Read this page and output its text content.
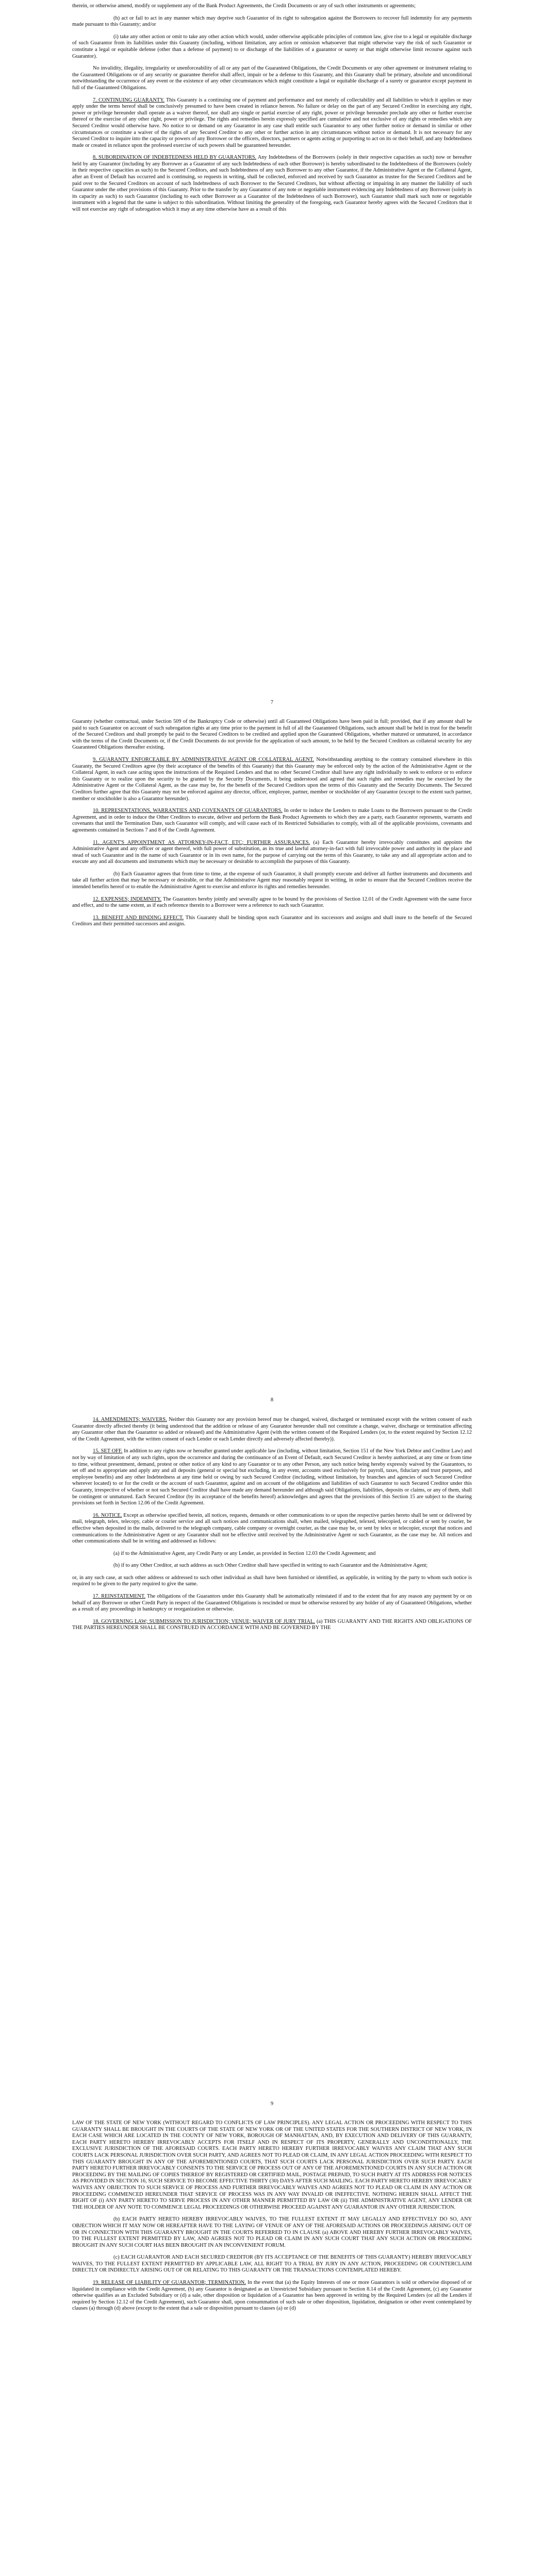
therein, or otherwise amend, modify or supplement any of the Bank Product Agreements, the Credit Documents or any of such other instruments or agreements;

(h) act or fail to act in any manner which may deprive such Guarantor of its right to subrogation against the Borrowers to recover full indemnity for any payments made pursuant to this Guaranty; and/or

(i) take any other action or omit to take any other action which would, under otherwise applicable principles of common law, give rise to a legal or equitable discharge of such Guarantor from its liabilities under this Guaranty (including, without limitation, any action or omission whatsoever that might otherwise vary the risk of such Guarantor or constitute a legal or equitable defense (other than a defense of payment) to or discharge of the liabilities of a guarantor or surety or that might otherwise limit recourse against such Guarantor).

No invalidity, illegality, irregularity or unenforceability of all or any part of the Guaranteed Obligations, the Credit Documents or any other agreement or instrument relating to the Guaranteed Obligations or of any security or guarantee therefor shall affect, impair or be a defense to this Guaranty, and this Guaranty shall be primary, absolute and unconditional notwithstanding the occurrence of any event or the existence of any other circumstances which might constitute a legal or equitable discharge of a surety or guarantor except payment in full of the Guaranteed Obligations.

7. CONTINUING GUARANTY. This Guaranty is a continuing one of payment and performance and not merely of collectability and all liabilities to which it applies or may apply under the terms hereof shall be conclusively presumed to have been created in reliance hereon. No failure or delay on the part of any Secured Creditor in exercising any right, power or privilege hereunder shall operate as a waiver thereof, nor shall any single or partial exercise of any right, power or privilege hereunder preclude any other or further exercise thereof or the exercise of any other right, power or privilege. The rights and remedies herein expressly specified are cumulative and not exclusive of any rights or remedies which any Secured Creditor would otherwise have. No notice to or demand on any Guarantor in any case shall entitle such Guarantor to any other further notice or demand in similar or other circumstances or constitute a waiver of the rights of any Secured Creditor to any other or further action in any circumstances without notice or demand. It is not necessary for any Secured Creditor to inquire into the capacity or powers of any Borrower or the officers, directors, partners or agents acting or purporting to act on its or their behalf, and any Indebtedness made or created in reliance upon the professed exercise of such powers shall be guaranteed hereunder.

8. SUBORDINATION OF INDEBTEDNESS HELD BY GUARANTORS. Any Indebtedness of the Borrowers (solely in their respective capacities as such) now or hereafter held by any Guarantor (including by any Borrower as a Guarantor of any such Indebtedness of each other Borrower) is hereby subordinated to the Indebtedness of the Borrowers (solely in their respective capacities as such) to the Secured Creditors, and such Indebtedness of any such Borrower to any other Guarantor, if the Administrative Agent or the Collateral Agent, after an Event of Default has occurred and is continuing, so requests in writing, shall be collected, enforced and received by such Guarantor as trustee for the Secured Creditors and be paid over to the Secured Creditors on account of such Indebtedness of such Borrower to the Secured Creditors, but without affecting or impairing in any manner the liability of such Guarantor under the other provisions of this Guaranty. Prior to the transfer by any Guarantor of any note or negotiable instrument evidencing any Indebtedness of any Borrower (solely in its capacity as such) to such Guarantor (including to each other Borrower as a Guarantor of the Indebtedness of such Borrower), such Guarantor shall mark such note or negotiable instrument with a legend that the same is subject to this subordination. Without limiting the generality of the foregoing, each Guarantor hereby agrees with the Secured Creditors that it will not exercise any right of subrogation which it may at any time otherwise have as a result of this

7

Guaranty (whether contractual, under Section 509 of the Bankruptcy Code or otherwise) until all Guaranteed Obligations have been paid in full; provided, that if any amount shall be paid to such Guarantor on account of such subrogation rights at any time prior to the payment in full of all the Guaranteed Obligations, such amount shall be held in trust for the benefit of the Secured Creditors and shall promptly be paid to the Secured Creditors to be credited and applied upon the Guaranteed Obligations, whether matured or unmatured, in accordance with the terms of the Credit Documents or, if the Credit Documents do not provide for the application of such amount, to be held by the Secured Creditors as collateral security for any Guaranteed Obligations thereafter existing.

9. GUARANTY ENFORCEABLE BY ADMINISTRATIVE AGENT OR COLLATERAL AGENT. Notwithstanding anything to the contrary contained elsewhere in this Guaranty, the Secured Creditors agree (by their acceptance of the benefits of this Guaranty) that this Guaranty may be enforced only by the action of the Administrative Agent or the Collateral Agent, in each case acting upon the instructions of the Required Lenders and that no other Secured Creditor shall have any right individually to seek to enforce or to enforce this Guaranty or to realize upon the security to be granted by the Security Documents, it being understood and agreed that such rights and remedies may be exercised by the Administrative Agent or the Collateral Agent, as the case may be, for the benefit of the Secured Creditors upon the terms of this Guaranty and the Security Documents. The Secured Creditors further agree that this Guaranty may not be enforced against any director, officer, employee, partner, member or stockholder of any Guarantor (except to the extent such partner, member or stockholder is also a Guarantor hereunder).

10. REPRESENTATIONS, WARRANTIES AND COVENANTS OF GUARANTORS. In order to induce the Lenders to make Loans to the Borrowers pursuant to the Credit Agreement, and in order to induce the Other Creditors to execute, deliver and perform the Bank Product Agreements to which they are a party, each Guarantor represents, warrants and covenants that until the Termination Date, such Guarantor will comply, and will cause each of its Restricted Subsidiaries to comply, with all of the applicable provisions, covenants and agreements contained in Sections 7 and 8 of the Credit Agreement.

11. AGENT'S APPOINTMENT AS ATTORNEY-IN-FACT, ETC; FURTHER ASSURANCES. (a) Each Guarantor hereby irrevocably constitutes and appoints the Administrative Agent and any officer or agent thereof, with full power of substitution, as its true and lawful attorney-in-fact with full irrevocable power and authority in the place and stead of such Guarantor and in the name of such Guarantor or in its own name, for the purpose of carrying out the terms of this Guaranty, to take any and all appropriate action and to execute any and all documents and instruments which may be necessary or desirable to accomplish the purposes of this Guaranty.

(b) Each Guarantor agrees that from time to time, at the expense of such Guarantor, it shall promptly execute and deliver all further instruments and documents and take all further action that may be necessary or desirable, or that the Administrative Agent may reasonably request in writing, in order to ensure that the Secured Creditors receive the intended benefits hereof or to enable the Administrative Agent to exercise and enforce its rights and remedies hereunder.

12. EXPENSES; INDEMNITY. The Guarantors hereby jointly and severally agree to be bound by the provisions of Section 12.01 of the Credit Agreement with the same force and effect, and to the same extent, as if each reference therein to a Borrower were a reference to each such Guarantor.

13. BENEFIT AND BINDING EFFECT. This Guaranty shall be binding upon each Guarantor and its successors and assigns and shall inure to the benefit of the Secured Creditors and their permitted successors and assigns.

8

14. AMENDMENTS; WAIVERS. Neither this Guaranty nor any provision hereof may be changed, waived, discharged or terminated except with the written consent of each Guarantor directly affected thereby (it being understood that the addition or release of any Guarantor hereunder shall not constitute a change, waiver, discharge or termination affecting any Guarantor other than the Guarantor so added or released) and the Administrative Agent (with the written consent of the Required Lenders (or, to the extent required by Section 12.12 of the Credit Agreement, with the written consent of each Lender or each Lender directly and adversely affected thereby)).

15. SET OFF. In addition to any rights now or hereafter granted under applicable law (including, without limitation, Section 151 of the New York Debtor and Creditor Law) and not by way of limitation of any such rights, upon the occurrence and during the continuance of an Event of Default, each Secured Creditor is hereby authorized, at any time or from time to time, without presentment, demand, protest or other notice of any kind to any Guarantor or to any other Person, any such notice being hereby expressly waived by the Guarantors, to set off and to appropriate and apply any and all deposits (general or special but excluding, in any event, accounts used exclusively for payroll, taxes, fiduciary and trust purposes, and employee benefits) and any other Indebtedness at any time held or owing by such Secured Creditor (including, without limitation, by branches and agencies of such Secured Creditor wherever located) to or for the credit or the account of such Guarantor, against and on account of the obligations and liabilities of such Guarantor to such Secured Creditor under this Guaranty, irrespective of whether or not such Secured Creditor shall have made any demand hereunder and although said Obligations, liabilities, deposits or claims, or any of them, shall be contingent or unmatured. Each Secured Creditor (by its acceptance of the benefits hereof) acknowledges and agrees that the provisions of this Section 15 are subject to the sharing provisions set forth in Section 12.06 of the Credit Agreement.

16. NOTICE. Except as otherwise specified herein, all notices, requests, demands or other communications to or upon the respective parties hereto shall be sent or delivered by mail, telegraph, telex, telecopy, cable or courier service and all such notices and communications shall, when mailed, telegraphed, telexed, telecopied, or cabled or sent by courier, be effective when deposited in the mails, delivered to the telegraph company, cable company or overnight courier, as the case may be, or sent by telex or telecopier, except that notices and communications to the Administrative Agent or any Guarantor shall not be effective until received by the Administrative Agent or such Guarantor, as the case may be. All notices and other communications shall be in writing and addressed as follows:

(a) if to the Administrative Agent, any Credit Party or any Lender, as provided in Section 12.03 the Credit Agreement; and

(b) if to any Other Creditor, at such address as such Other Creditor shall have specified in writing to each Guarantor and the Administrative Agent;

or, in any such case, at such other address or addressed to such other individual as shall have been furnished or identified, as applicable, in writing by the party to whom such notice is required to be given to the party required to give the same.

17. REINSTATEMENT. The obligations of the Guarantors under this Guaranty shall be automatically reinstated if and to the extent that for any reason any payment by or on behalf of any Borrower or other Credit Party in respect of the Guaranteed Obligations is rescinded or must be otherwise restored by any holder of any of Guaranteed Obligations, whether as a result of any proceedings in bankruptcy or reorganization or otherwise.

18. GOVERNING LAW; SUBMISSION TO JURISDICTION; VENUE; WAIVER OF JURY TRIAL. (a) THIS GUARANTY AND THE RIGHTS AND OBLIGATIONS OF THE PARTIES HEREUNDER SHALL BE CONSTRUED IN ACCORDANCE WITH AND BE GOVERNED BY THE

9

LAW OF THE STATE OF NEW YORK (WITHOUT REGARD TO CONFLICTS OF LAW PRINCIPLES). ANY LEGAL ACTION OR PROCEEDING WITH RESPECT TO THIS GUARANTY SHALL BE BROUGHT IN THE COURTS OF THE STATE OF NEW YORK OR OF THE UNITED STATES FOR THE SOUTHERN DISTRICT OF NEW YORK, IN EACH CASE WHICH ARE LOCATED IN THE COUNTY OF NEW YORK, BOROUGH OF MANHATTAN, AND, BY EXECUTION AND DELIVERY OF THIS GUARANTY, EACH PARTY HERETO HEREBY IRREVOCABLY ACCEPTS FOR ITSELF AND IN RESPECT OF ITS PROPERTY, GENERALLY AND UNCONDITIONALLY, THE EXCLUSIVE JURISDICTION OF THE AFORESAID COURTS. EACH PARTY HERETO HEREBY FURTHER IRREVOCABLY WAIVES ANY CLAIM THAT ANY SUCH COURTS LACK PERSONAL JURISDICTION OVER SUCH PARTY, AND AGREES NOT TO PLEAD OR CLAIM, IN ANY LEGAL ACTION PROCEEDING WITH RESPECT TO THIS GUARANTY BROUGHT IN ANY OF THE AFOREMENTIONED COURTS, THAT SUCH COURTS LACK PERSONAL JURISDICTION OVER SUCH PARTY. EACH PARTY HERETO FURTHER IRREVOCABLY CONSENTS TO THE SERVICE OF PROCESS OUT OF ANY OF THE AFOREMENTIONED COURTS IN ANY SUCH ACTION OR PROCEEDING BY THE MAILING OF COPIES THEREOF BY REGISTERED OR CERTIFIED MAIL, POSTAGE PREPAID, TO SUCH PARTY AT ITS ADDRESS FOR NOTICES AS PROVIDED IN SECTION 16, SUCH SERVICE TO BECOME EFFECTIVE THIRTY (30) DAYS AFTER SUCH MAILING. EACH PARTY HERETO HEREBY IRREVOCABLY WAIVES ANY OBJECTION TO SUCH SERVICE OF PROCESS AND FURTHER IRREVOCABLY WAIVES AND AGREES NOT TO PLEAD OR CLAIM IN ANY ACTION OR PROCEEDING COMMENCED HEREUNDER THAT SERVICE OF PROCESS WAS IN ANY WAY INVALID OR INEFFECTIVE. NOTHING HEREIN SHALL AFFECT THE RIGHT OF (i) ANY PARTY HERETO TO SERVE PROCESS IN ANY OTHER MANNER PERMITTED BY LAW OR (ii) THE ADMINISTRATIVE AGENT, ANY LENDER OR THE HOLDER OF ANY NOTE TO COMMENCE LEGAL PROCEEDINGS OR OTHERWISE PROCEED AGAINST ANY GUARANTOR IN ANY OTHER JURISDICTION.

(b) EACH PARTY HERETO HEREBY IRREVOCABLY WAIVES, TO THE FULLEST EXTENT IT MAY LEGALLY AND EFFECTIVELY DO SO, ANY OBJECTION WHICH IT MAY NOW OR HEREAFTER HAVE TO THE LAYING OF VENUE OF ANY OF THE AFORESAID ACTIONS OR PROCEEDINGS ARISING OUT OF OR IN CONNECTION WITH THIS GUARANTY BROUGHT IN THE COURTS REFERRED TO IN CLAUSE (a) ABOVE AND HEREBY FURTHER IRREVOCABLY WAIVES, TO THE FULLEST EXTENT PERMITTED BY LAW, AND AGREES NOT TO PLEAD OR CLAIM IN ANY SUCH COURT THAT ANY SUCH ACTION OR PROCEEDING BROUGHT IN ANY SUCH COURT HAS BEEN BROUGHT IN AN INCONVENIENT FORUM.

(c) EACH GUARANTOR AND EACH SECURED CREDITOR (BY ITS ACCEPTANCE OF THE BENEFITS OF THIS GUARANTY) HEREBY IRREVOCABLY WAIVES, TO THE FULLEST EXTENT PERMITTED BY APPLICABLE LAW, ALL RIGHT TO A TRIAL BY JURY IN ANY ACTION, PROCEEDING OR COUNTERCLAIM DIRECTLY OR INDIRECTLY ARISING OUT OF OR RELATING TO THIS GUARANTY OR THE TRANSACTIONS CONTEMPLATED HEREBY.

19. RELEASE OF LIABILITY OF GUARANTOR; TERMINATION. In the event that (a) the Equity Interests of one or more Guarantors is sold or otherwise disposed of or liquidated in compliance with the Credit Agreement, (b) any Guarantor is designated as an Unrestricted Subsidiary pursuant to Section 8.14 of the Credit Agreement, (c) any Guarantor otherwise qualifies as an Excluded Subsidiary or (d) a sale, other disposition or liquidation of a Guarantor has been approved in writing by the Required Lenders (or all the Lenders if required by Section 12.12 of the Credit Agreement), such Guarantor shall, upon consummation of such sale or other disposition, liquidation, designation or other event contemplated by clauses (a) through (d) above (except to the extent that a sale or disposition pursuant to clauses (a) or (d)
